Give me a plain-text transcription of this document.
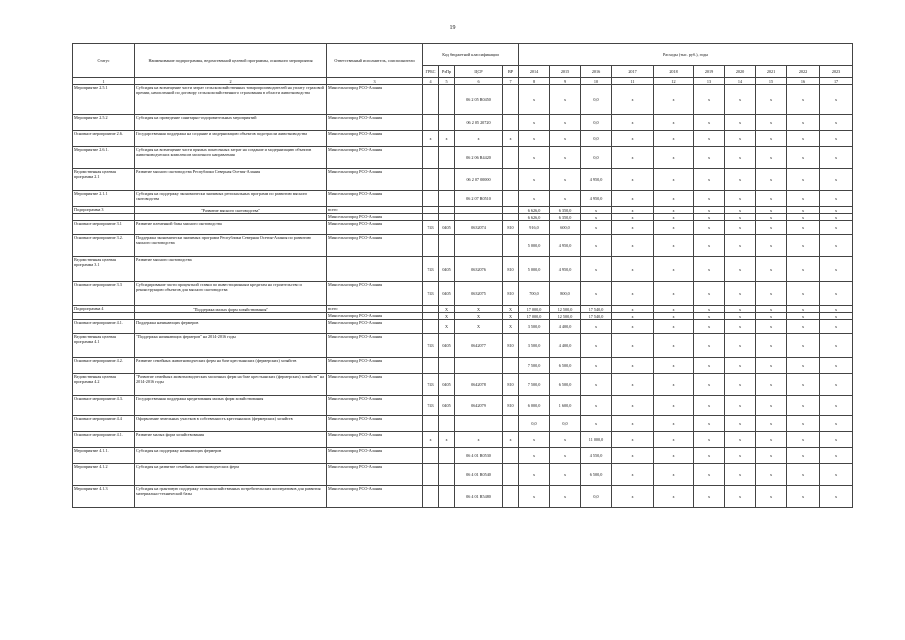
19
Статус	Наименование подпрограммы, ведомственной целевой программы, основного мероприятия	Ответственный исполнитель, соисполнители	Код бюджетной классификации				Расходы (тыс. руб.), годы									
			ГРБС	РзПр	ЦСР	ВР	2014	2015	2016	2017	2018	2019	2020	2021	2022	2023
1	2	3	4	5	6	7	8	9	10	11	12	13	14	15	16	17
Мероприятие 2.5.1	Субсидия на возмещение части затрат сельскохозяйственных товаропроизводителей на уплату страховой премии, начисленной по договору сельскохозяйственного страхования в области животноводства	Минсельхозпрод РСО-Алания			06 2 05 R0450		x	x	0,0	x	x	x	x	x	x	x
Мероприятие 2.5.2	Субсидия на проведение санитарно-оздоровительных мероприятий	Минсельхозпрод РСО-Алания			06 2 05 20720		x	x	0,0	x	x	x	x	x	x	x
Основное мероприятие 2.6.	Государственная поддержка на создание и модернизацию объектов подотрасли животноводства	Минсельхозпрод РСО-Алания	х	х	х	х	х	х	0,0	х	х	х	х	х	х	х
Мероприятие 2.6.1.	Субсидия на возмещение части прямых понесенных затрат на создание и модернизацию объектов животноводческих комплексов молочного направления	Минсельхозпрод РСО-Алания			06 2 06 R4420		x	x	0,0	x	x	x	x	x	x	x
Ведомственная целевая программа 2.1	Развитие мясного скотоводства Республики Северная Осетия-Алания	Минсельхозпрод РСО-Алания			06 2 07 00000		x	x	4 950,0	x	x	x	x	x	x	x
Мероприятие 2.1.1	Субсидия на поддержку экономически значимых региональных программ по развитию мясного скотоводства	Минсельхозпрод РСО-Алания			06 2 07 R0510		x	x	4 950,0	x	x	x	x	x	x	x
Подпрограмма 3	"Развитие мясного скотоводства"	всего					6 626,0	6 350,0	x	x	x	x	x	x	x	x
		Минсельхозпрод РСО-Алания					6 626,0	6 350,0	x	x	x	x	x	x	x	x
Основное мероприятие 3.1	Развитие племенной базы мясного скотоводства	Минсельхозпрод РСО-Алания	743	0405	0632074	810	916,0	600,0	x	x	x	x	x	x	x	x
Основное мероприятие 3.2.	Поддержка экономически значимых программ Республики Северная Осетия-Алания по развитию мясного скотоводства	Минсельхозпрод РСО-Алания					5 000,0	4 950,0	x	x	x	x	x	x	x	x
Ведомственная целевая программа 3.1	Развитие мясного скотоводства		743	0405	0632076	810	5 000,0	4 950,0	x	x	x	x	x	x	x	x
Основное мероприятие 3.3	Субсидирование части процентной ставки по инвестиционным кредитам на строительство и реконструкцию объектов для мясного скотоводства	Минсельхозпрод РСО-Алания	743	0405	0632075	810	700,0	800,0	x	x	x	x	x	x	x	x
Подпрограмма 4	"Поддержка малых форм хозяйствования"	всего		Х	Х	Х	17 000,0	12 500,0	17 540,0	x	x	x	x	x	x	x
		Минсельхозпрод РСО-Алания		Х	Х	Х	17 000,0	12 500,0	17 540,0	x	x	x	x	x	x	x
Основное мероприятие 4.1.	Поддержка начинающих фермеров	Минсельхозпрод РСО-Алания		Х	Х	Х	3 500,0	4 400,0	x	x	x	x	x	x	x	x
Ведомственная целевая программа 4.1	"Поддержка начинающих фермеров" на 2014-2016 годы	Минсельхозпрод РСО-Алания	743	0405	0642077	810	3 500,0	4 400,0	x	x	x	x	x	x	x	x
Основное мероприятие 4.2.	Развитие семейных животноводческих ферм на базе крестьянских (фермерских) хозяйств	Минсельхозпрод РСО-Алания					7 500,0	6 500,0	x	x	x	x	x	x	x	x
Ведомственная целевая программа 4.2	"Развитие семейных животноводческих молочных ферм на базе крестьянских (фермерских) хозяйств" на 2014-2016 годы	Минсельхозпрод РСО-Алания	743	0405	0642078	810	7 500,0	6 500,0	x	x	x	x	x	x	x	x
Основное мероприятие 4.3.	Государственная поддержка кредитования малых форм хозяйствования	Минсельхозпрод РСО-Алания	743	0405	0642079	810	6 000,0	1 600,0	x	x	x	x	x	x	x	x
Основное мероприятие 4.4	Оформление земельных участков в собственность крестьянских (фермерских) хозяйств	Минсельхозпрод РСО-Алания					0,0	0,0	x	x	x	x	x	x	x	x
Основное мероприятие 4.1.	Развитие малых форм хозяйствования	Минсельхозпрод РСО-Алания	х	х	х	х	х	х	11 000,0	х	х	х	х	х	х	х
Мероприятие 4.1.1.	Субсидия на поддержку начинающих фермеров	Минсельхозпрод РСО-Алания			06 4 01 R0530		x	x	4 550,0	x	x	x	x	x	x	x
Мероприятие 4.1.2	Субсидия на развитие семейных животноводческих ферм	Минсельхозпрод РСО-Алания			06 4 01 R0540		x	x	6 500,0	x	x	x	x	x	x	x
Мероприятие 4.1.3	Субсидия на грантовую поддержку сельскохозяйственных потребительских кооперативов для развития материально-технической базы	Минсельхозпрод РСО-Алания			06 4 01 R5480		x	x	0,0	x	x	x	x	x	x	x
